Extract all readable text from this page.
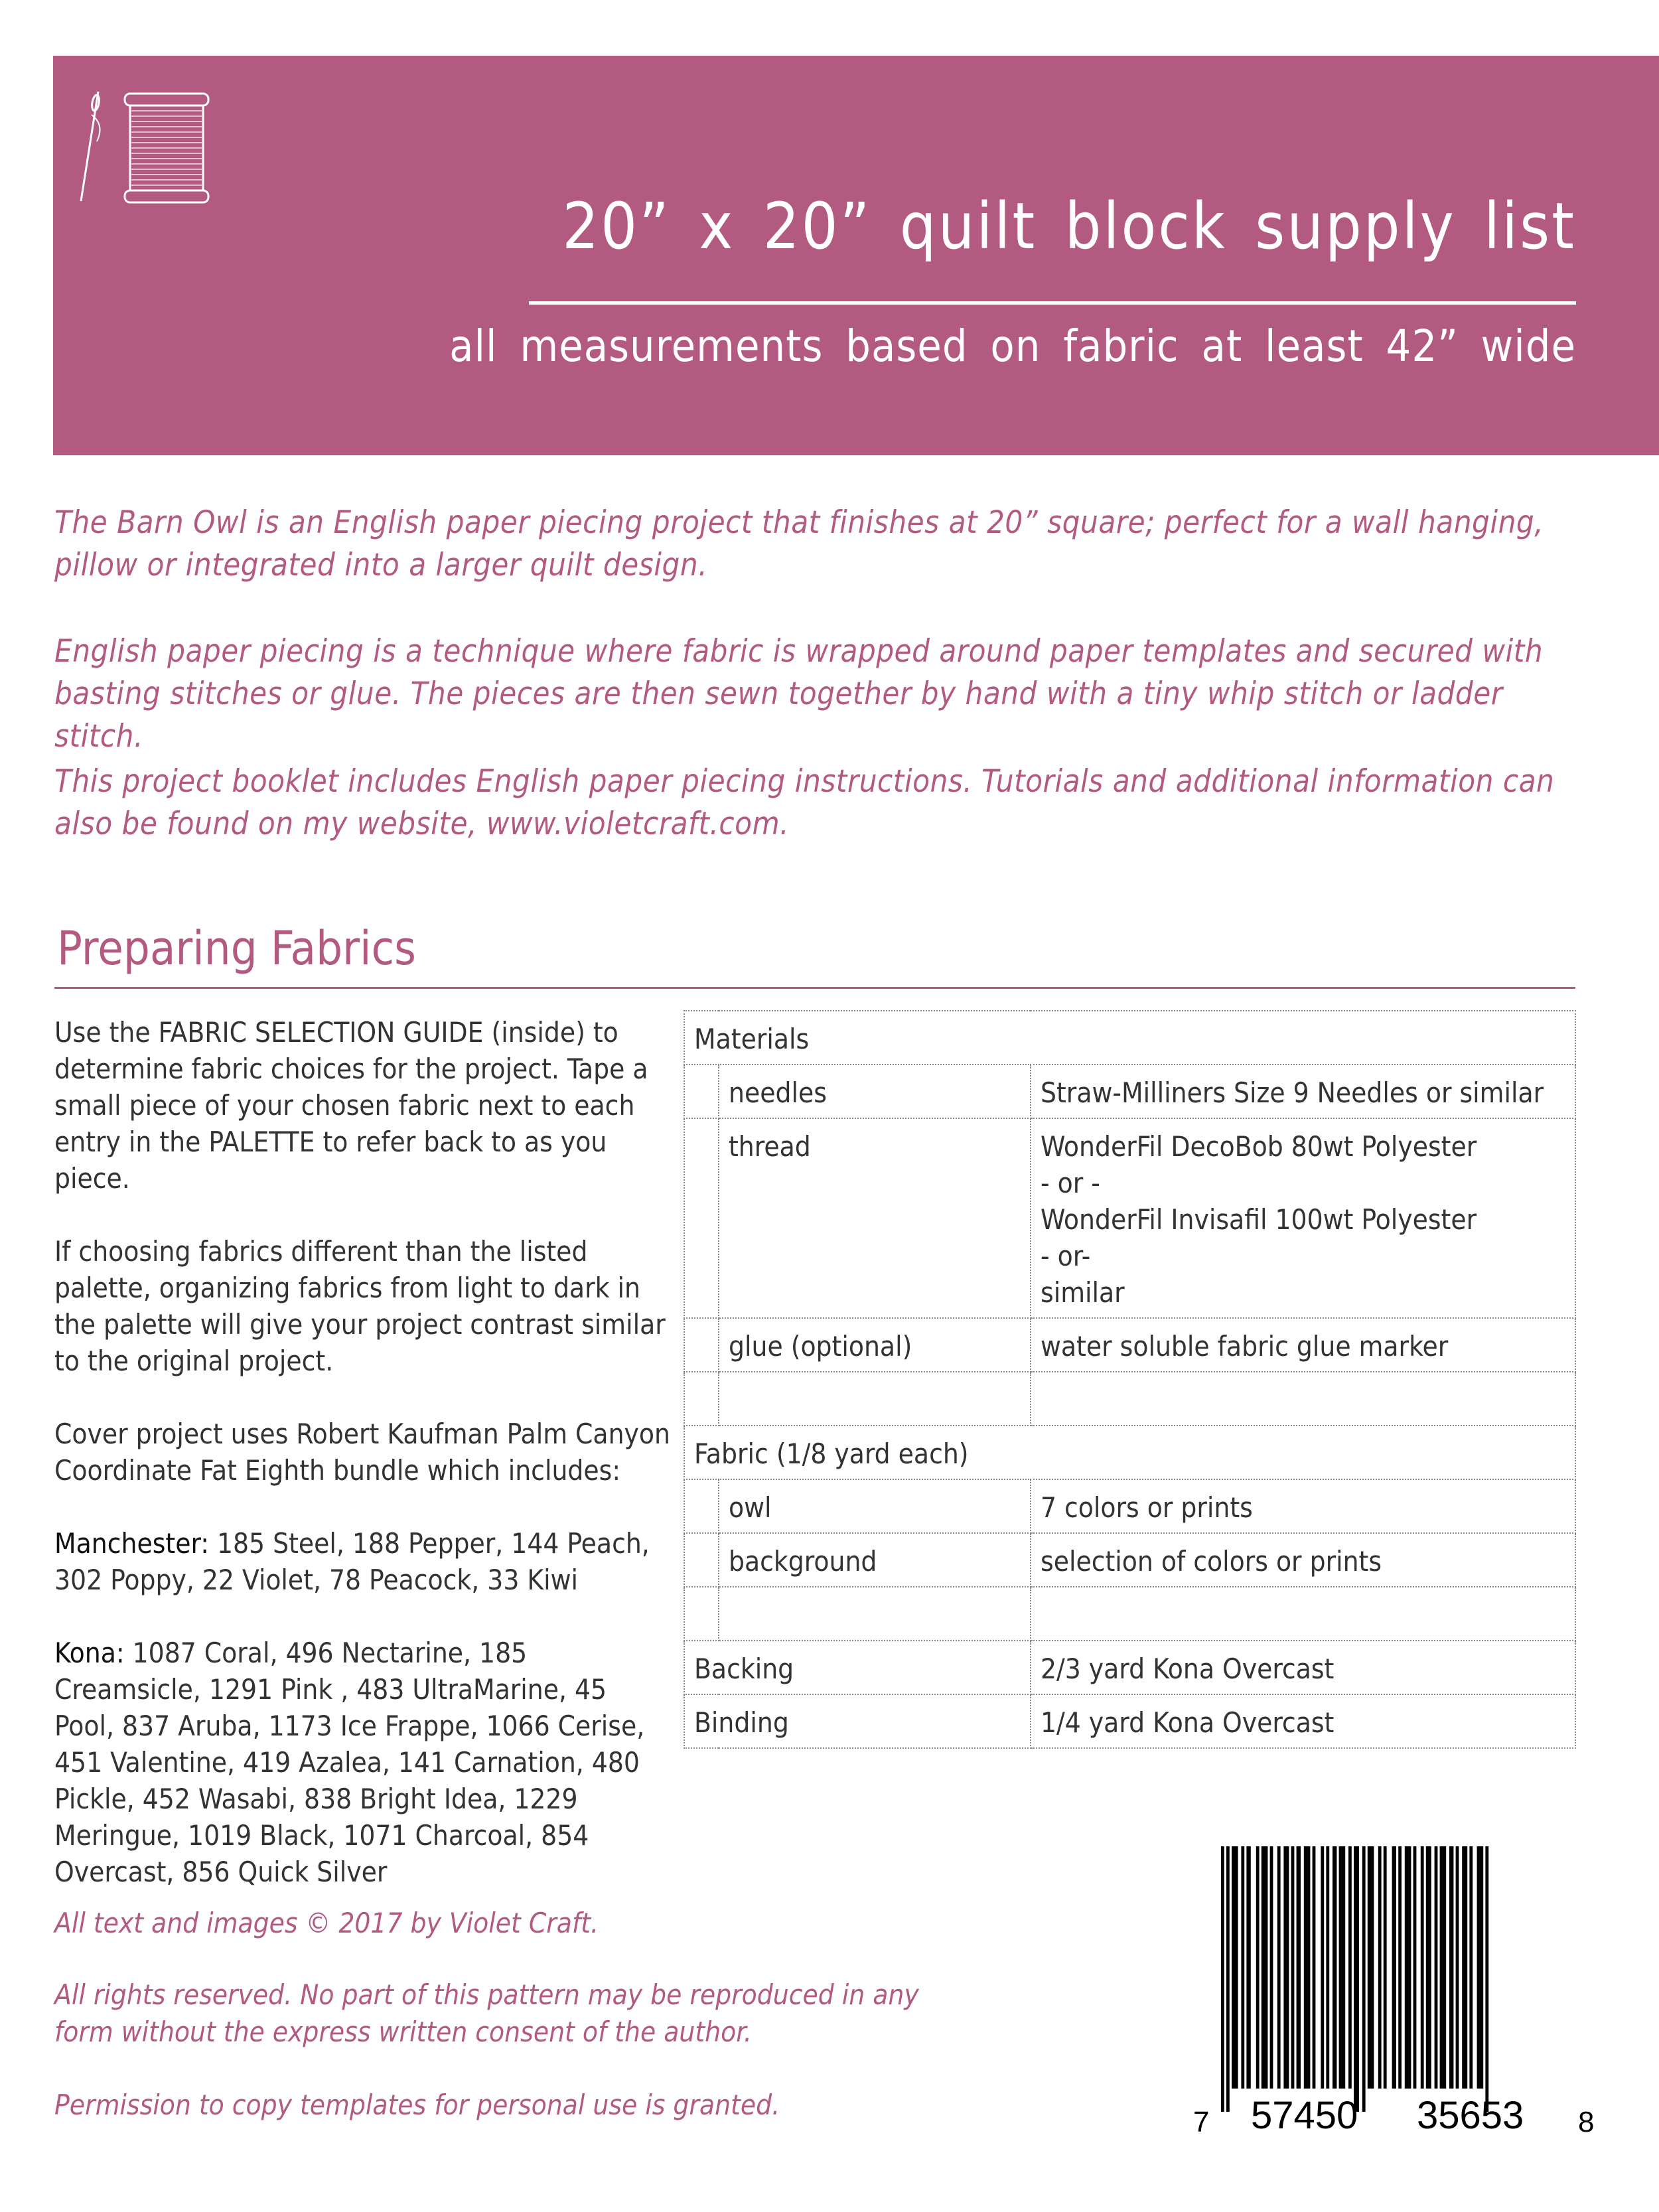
20” x 20” quilt block supply list
all measurements based on fabric at least 42” wide
The Barn Owl is an English paper piecing project that finishes at 20” square; perfect for a wall hanging, pillow or integrated into a larger quilt design.
English paper piecing is a technique where fabric is wrapped around paper templates and secured with basting stitches or glue. The pieces are then sewn together by hand with a tiny whip stitch or ladder stitch.
This project booklet includes English paper piecing instructions. Tutorials and additional information can also be found on my website, www.violetcraft.com.
Preparing Fabrics

Use the FABRIC SELECTION GUIDE (inside) to determine fabric choices for the project. Tape a small piece of your chosen fabric next to each entry in the PALETTE to refer back to as you piece.

If choosing fabrics different than the listed palette, organizing fabrics from light to dark in the palette will give your project contrast similar to the original project.

Cover project uses Robert Kaufman Palm Canyon Coordinate Fat Eighth bundle which includes:

Manchester: 185 Steel, 188 Pepper, 144 Peach, 302 Poppy, 22 Violet, 78 Peacock, 33 Kiwi

Kona: 1087 Coral, 496 Nectarine, 185 Creamsicle, 1291 Pink , 483 UltraMarine, 45 Pool, 837 Aruba, 1173 Ice Frappe, 1066 Cerise, 451 Valentine, 419 Azalea, 141 Carnation, 480 Pickle, 452 Wasabi, 838 Bright Idea, 1229 Meringue, 1019 Black, 1071 Charcoal, 854 Overcast, 856 Quick Silver

Materials		
	needles	Straw-Milliners Size 9 Needles or similar
	thread	WonderFil DecoBob 80wt Polyester
- or -
WonderFil Invisafil 100wt Polyester
- or-
similar

	glue (optional)	water soluble fabric glue marker

Fabric (1/8 yard each)		
	owl	7 colors or prints
	background	selection of colors or prints

Backing		2/3 yard Kona Overcast
Binding		1/4 yard Kona Overcast
All text and images © 2017 by Violet Craft.
All rights reserved. No part of this pattern may be reproduced in any form without the express written consent of the author.
Permission to copy templates for personal use is granted.
7 57450 35653 8
